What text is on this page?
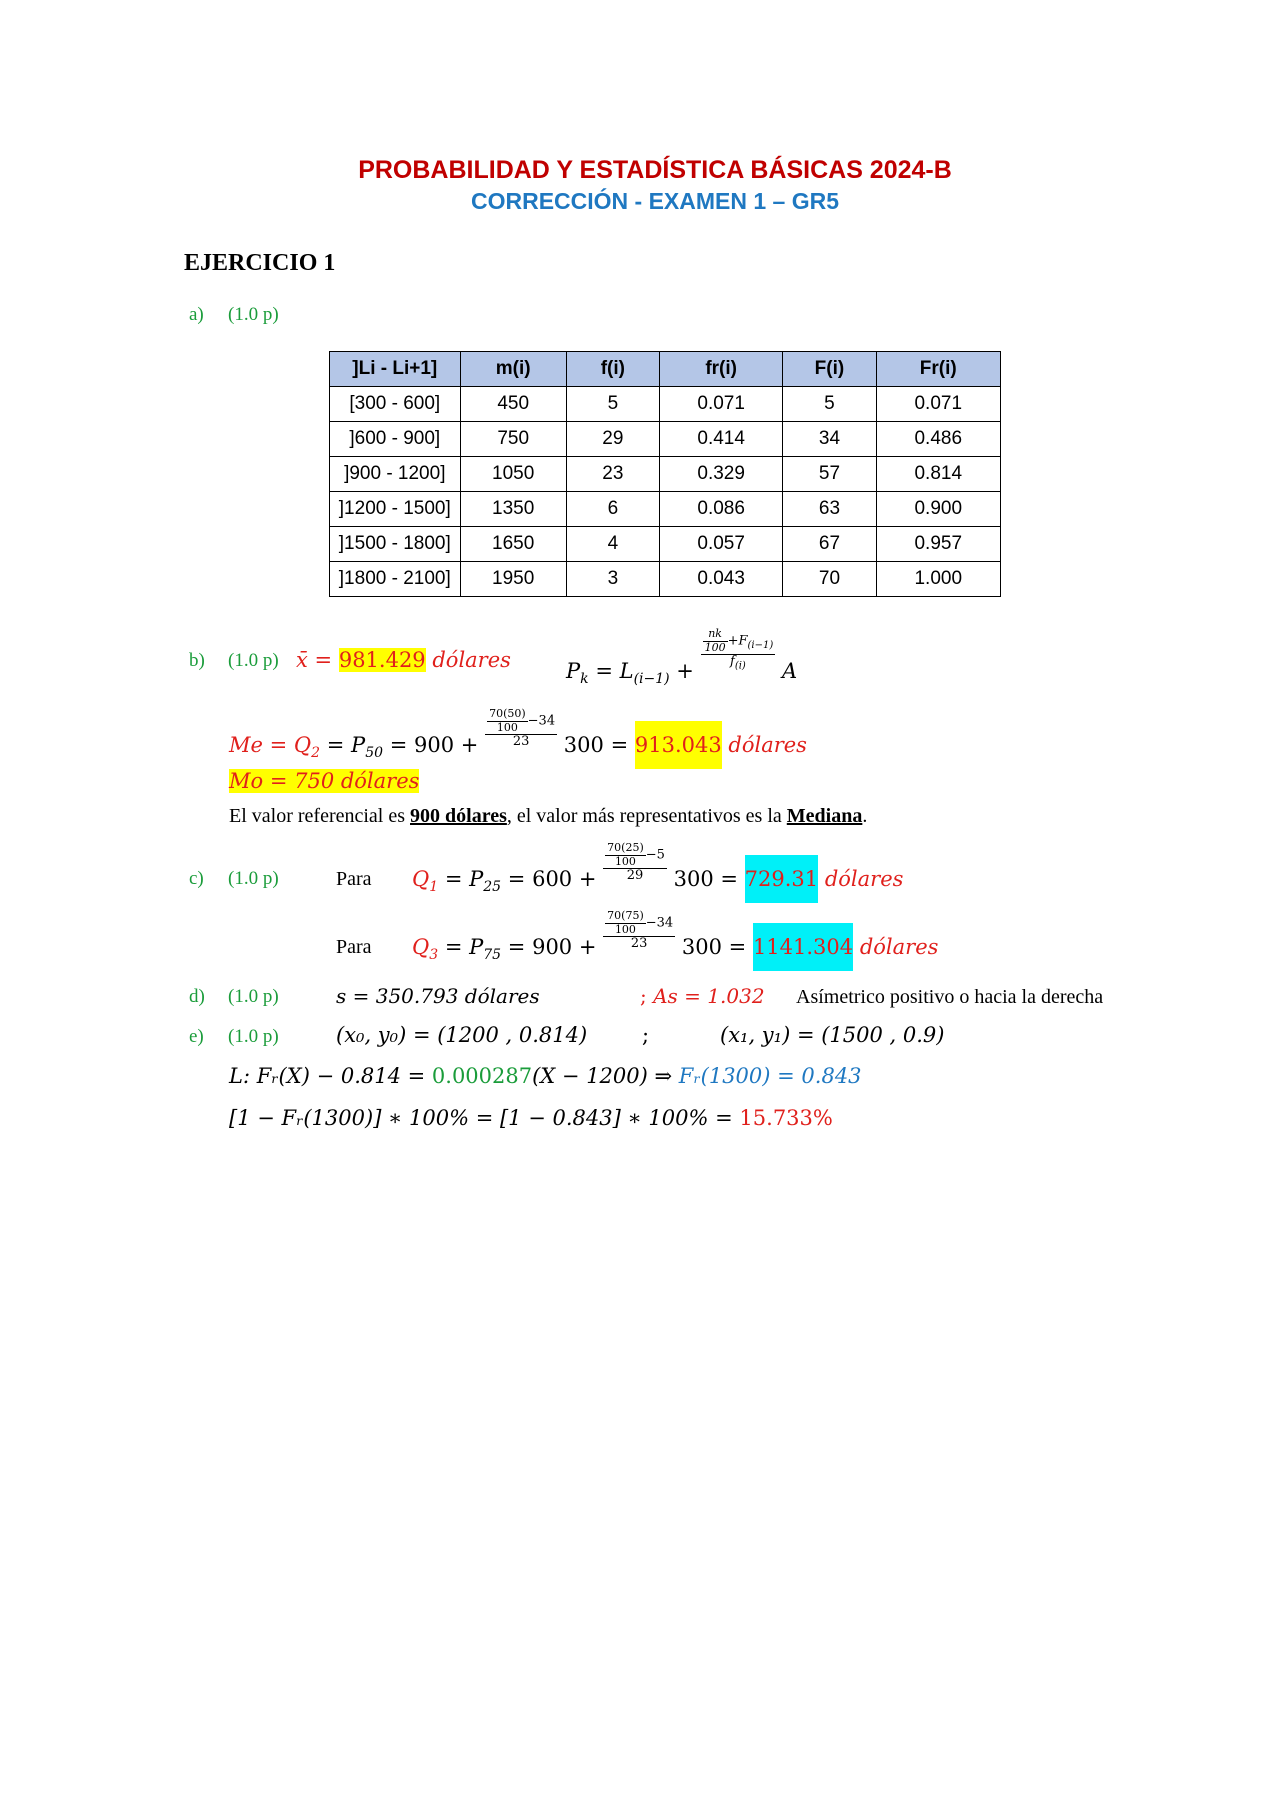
PROBABILIDAD Y ESTADÍSTICA BÁSICAS 2024-B
CORRECCIÓN - EXAMEN 1 – GR5
EJERCICIO 1
a) (1.0 p)
]Li - Li+1]	m(i)	f(i)	fr(i)	F(i)	Fr(i)
[300 - 600]	450	5	0.071	5	0.071
]600 - 900]	750	29	0.414	34	0.486
]900 - 1200]	1050	23	0.329	57	0.814
]1200 - 1500]	1350	6	0.086	63	0.900
]1500 - 1800]	1650	4	0.057	67	0.957
]1800 - 2100]	1950	3	0.043	70	1.000
b) (1.0 p) x̄ = 981.429 dólares	$P_k = L_{(i-1)} + \frac{\frac{nk}{100} +F_{(i-1)}}{f_{(i)}}$ A
$Me = Q_2 = P_{50} = 900 + \frac{\frac{70(50)}{100} -34}{23} 300 = 913.043$ dólares
Mo = 750 dólares
El valor referencial es 900 dólares, el valor más representativos es la Mediana.
c) (1.0 p)	Para $Q_1 = P_{25} = 600 + \frac{\frac{70(25)}{100} -5}{29} 300 = 729.31$ dólares
Para $Q_3 = P_{75} = 900 + \frac{\frac{70(75)}{100} -34}{23} 300 = 1141.304$ dólares
d) (1.0 p)	s = 350.793 dólares	; As = 1.032 Asímetrico positivo o hacia la derecha
e) (1.0 p)	(x₀, y₀) = (1200 , 0.814)	;	(x₁, y₁) = (1500 , 0.9)
L: Fᵣ(X) − 0.814 = 0.000287(X − 1200) ⇒ Fᵣ(1300) = 0.843
[1 − Fᵣ(1300)] ∗ 100% = [1 − 0.843] ∗ 100% = 15.733%
